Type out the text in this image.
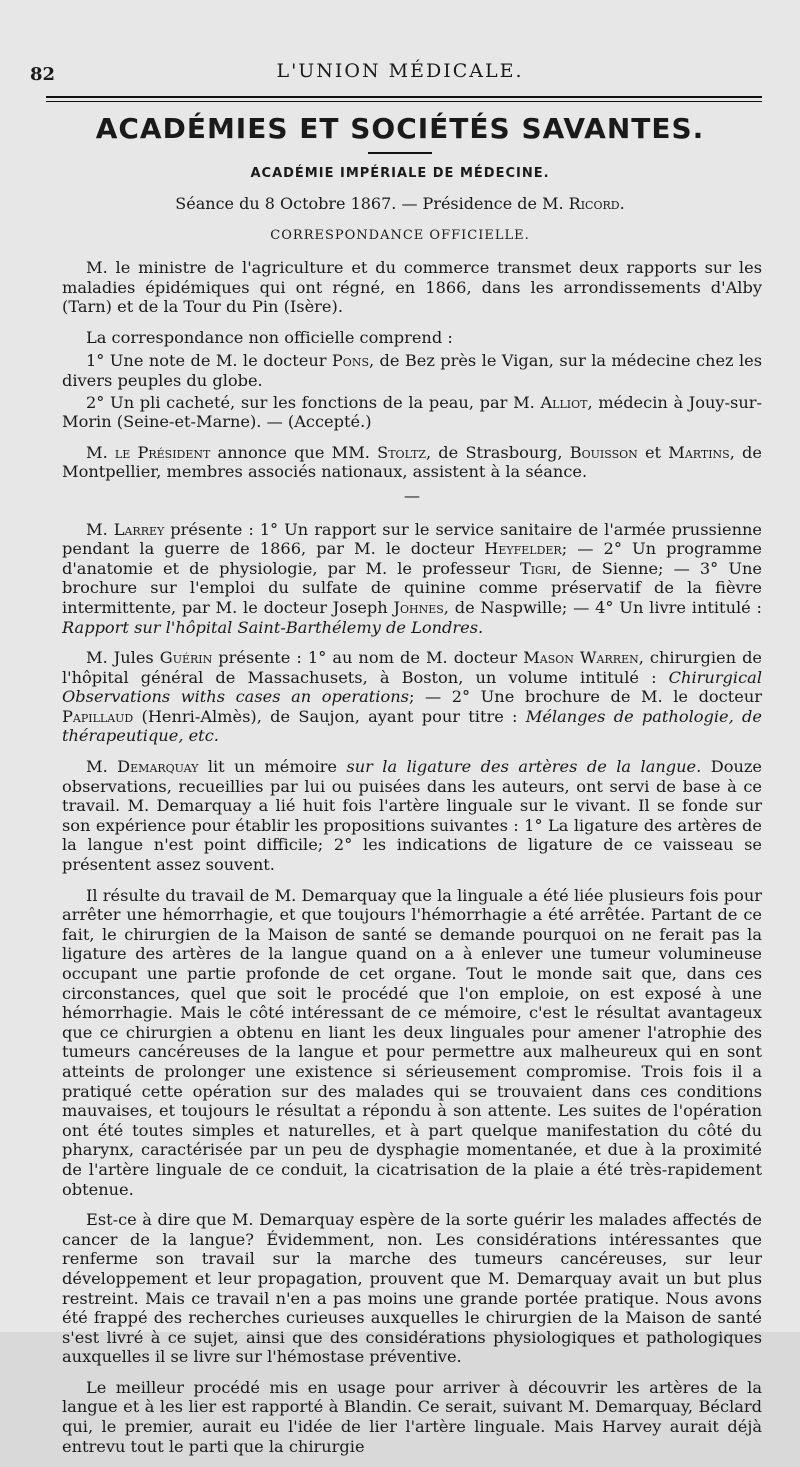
82	L'UNION MÉDICALE.
ACADÉMIES ET SOCIÉTÉS SAVANTES.
ACADÉMIE IMPÉRIALE DE MÉDECINE.
Séance du 8 Octobre 1867. — Présidence de M. Ricord.
CORRESPONDANCE OFFICIELLE.

M. le ministre de l'agriculture et du commerce transmet deux rapports sur les maladies épidémiques qui ont régné, en 1866, dans les arrondissements d'Alby (Tarn) et de la Tour du Pin (Isère).

La correspondance non officielle comprend :

1° Une note de M. le docteur Pons, de Bez près le Vigan, sur la médecine chez les divers peuples du globe.

2° Un pli cacheté, sur les fonctions de la peau, par M. Alliot, médecin à Jouy-sur-Morin (Seine-et-Marne). — (Accepté.)

M. le Président annonce que MM. Stoltz, de Strasbourg, Bouisson et Martins, de Montpellier, membres associés nationaux, assistent à la séance.

—

M. Larrey présente : 1° Un rapport sur le service sanitaire de l'armée prussienne pendant la guerre de 1866, par M. le docteur Heyfelder; — 2° Un programme d'anatomie et de physiologie, par M. le professeur Tigri, de Sienne; — 3° Une brochure sur l'emploi du sulfate de quinine comme préservatif de la fièvre intermittente, par M. le docteur Joseph Johnes, de Naspwille; — 4° Un livre intitulé : Rapport sur l'hôpital Saint-Barthélemy de Londres.

M. Jules Guérin présente : 1° au nom de M. docteur Mason Warren, chirurgien de l'hôpital général de Massachusets, à Boston, un volume intitulé : Chirurgical Observations withs cases an operations; — 2° Une brochure de M. le docteur Papillaud (Henri-Almès), de Saujon, ayant pour titre : Mélanges de pathologie, de thérapeutique, etc.

M. Demarquay lit un mémoire sur la ligature des artères de la langue. Douze observations, recueillies par lui ou puisées dans les auteurs, ont servi de base à ce travail. M. Demarquay a lié huit fois l'artère linguale sur le vivant. Il se fonde sur son expérience pour établir les propositions suivantes : 1° La ligature des artères de la langue n'est point difficile; 2° les indications de ligature de ce vaisseau se présentent assez souvent.

Il résulte du travail de M. Demarquay que la linguale a été liée plusieurs fois pour arrêter une hémorrhagie, et que toujours l'hémorrhagie a été arrêtée. Partant de ce fait, le chirurgien de la Maison de santé se demande pourquoi on ne ferait pas la ligature des artères de la langue quand on a à enlever une tumeur volumineuse occupant une partie profonde de cet organe. Tout le monde sait que, dans ces circonstances, quel que soit le procédé que l'on emploie, on est exposé à une hémorrhagie. Mais le côté intéressant de ce mémoire, c'est le résultat avantageux que ce chirurgien a obtenu en liant les deux linguales pour amener l'atrophie des tumeurs cancéreuses de la langue et pour permettre aux malheureux qui en sont atteints de prolonger une existence si sérieusement compromise. Trois fois il a pratiqué cette opération sur des malades qui se trouvaient dans ces conditions mauvaises, et toujours le résultat a répondu à son attente. Les suites de l'opération ont été toutes simples et naturelles, et à part quelque manifestation du côté du pharynx, caractérisée par un peu de dysphagie momentanée, et due à la proximité de l'artère linguale de ce conduit, la cicatrisation de la plaie a été très-rapidement obtenue.

Est-ce à dire que M. Demarquay espère de la sorte guérir les malades affectés de cancer de la langue? Évidemment, non. Les considérations intéressantes que renferme son travail sur la marche des tumeurs cancéreuses, sur leur développement et leur propagation, prouvent que M. Demarquay avait un but plus restreint. Mais ce travail n'en a pas moins une grande portée pratique. Nous avons été frappé des recherches curieuses auxquelles le chirurgien de la Maison de santé s'est livré à ce sujet, ainsi que des considérations physiologiques et pathologiques auxquelles il se livre sur l'hémostase préventive.

Le meilleur procédé mis en usage pour arriver à découvrir les artères de la langue et à les lier est rapporté à Blandin. Ce serait, suivant M. Demarquay, Béclard qui, le premier, aurait eu l'idée de lier l'artère linguale. Mais Harvey aurait déjà entrevu tout le parti que la chirurgie
